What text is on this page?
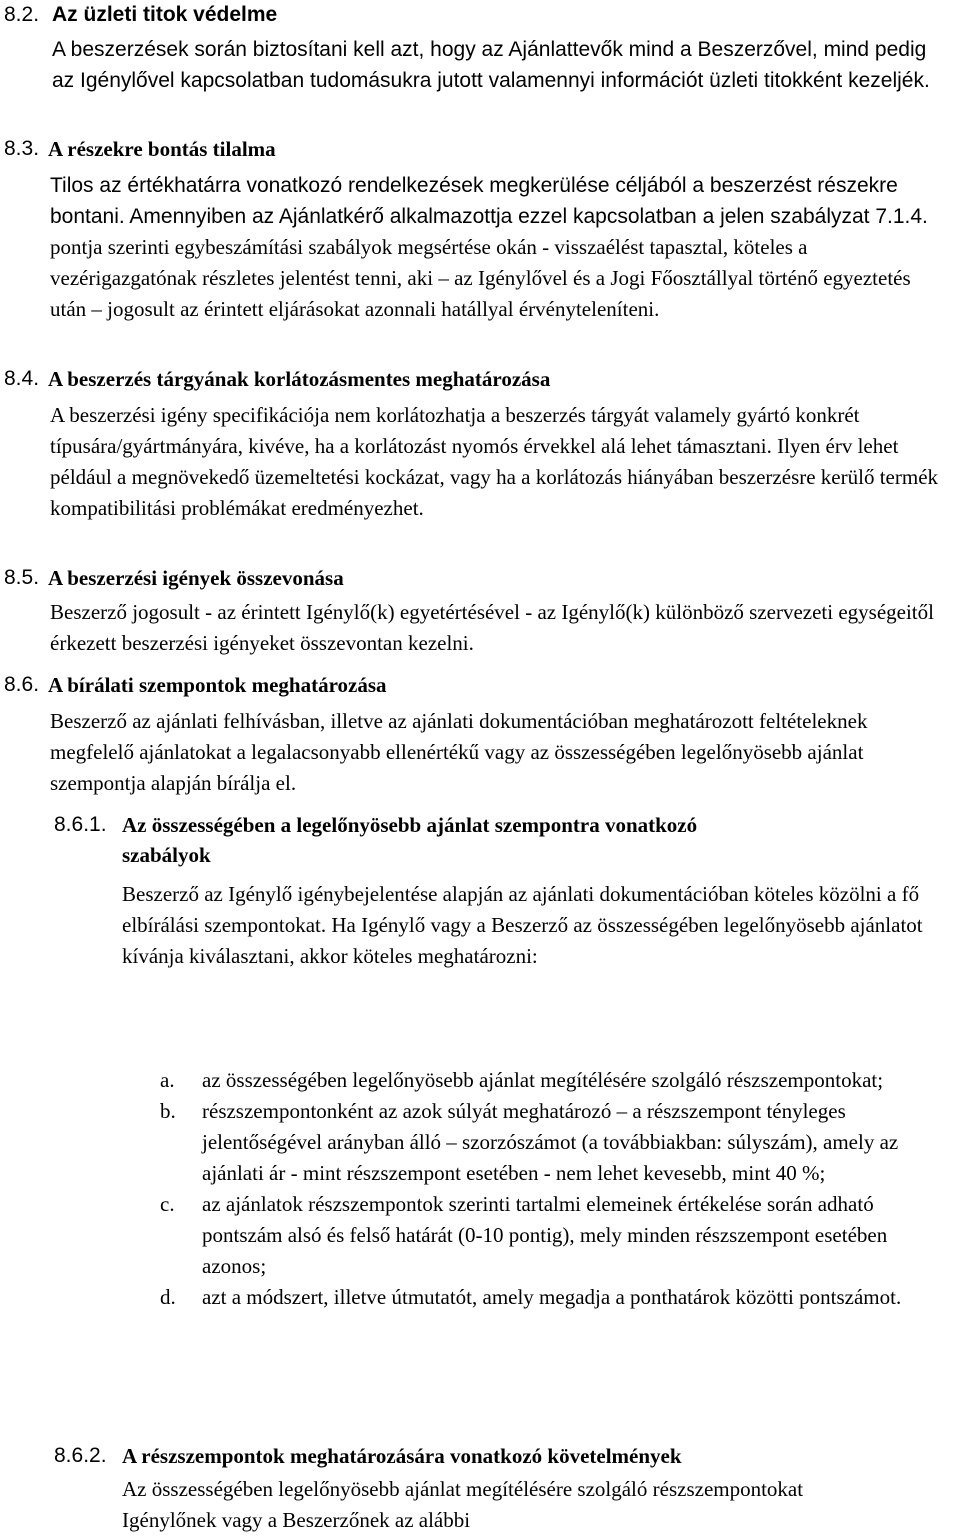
8.2. Az üzleti titok védelme

A beszerzések során biztosítani kell azt, hogy az Ajánlattevők mind a Beszerzővel, mind pedig az Igénylővel kapcsolatban tudomásukra jutott valamennyi információt üzleti titokként kezeljék.

8.3. A részekre bontás tilalma

Tilos az értékhatárra vonatkozó rendelkezések megkerülése céljából a beszerzést részekre bontani. Amennyiben az Ajánlatkérő alkalmazottja ezzel kapcsolatban a jelen szabályzat 7.1.4. pontja szerinti egybeszámítási szabályok megsértése okán - visszaélést tapasztal, köteles a vezérigazgatónak részletes jelentést tenni, aki – az Igénylővel és a Jogi Főosztállyal történő egyeztetés után – jogosult az érintett eljárásokat azonnali hatállyal érvényteleníteni.

8.4. A beszerzés tárgyának korlátozásmentes meghatározása

A beszerzési igény specifikációja nem korlátozhatja a beszerzés tárgyát valamely gyártó konkrét típusára/gyártmányára, kivéve, ha a korlátozást nyomós érvekkel alá lehet támasztani. Ilyen érv lehet például a megnövekedő üzemeltetési kockázat, vagy ha a korlátozás hiányában beszerzésre kerülő termék kompatibilitási problémákat eredményezhet.

8.5. A beszerzési igények összevonása

Beszerző jogosult - az érintett Igénylő(k) egyetértésével - az Igénylő(k) különböző szervezeti egységeitől érkezett beszerzési igényeket összevontan kezelni.

8.6. A bírálati szempontok meghatározása

Beszerző az ajánlati felhívásban, illetve az ajánlati dokumentációban meghatározott feltételeknek megfelelő ajánlatokat a legalacsonyabb ellenértékű vagy az összességében legelőnyösebb ajánlat szempontja alapján bírálja el.

8.6.1. Az összességében a legelőnyösebb ajánlat szempontra vonatkozó
szabályok

Beszerző az Igénylő igénybejelentése alapján az ajánlati dokumentációban köteles közölni a fő elbírálási szempontokat. Ha Igénylő vagy a Beszerző az összességében legelőnyösebb ajánlatot kívánja kiválasztani, akkor köteles meghatározni:

a.	az összességében legelőnyösebb ajánlat megítélésére szolgáló részszempontokat;
b.	részszempontonként az azok súlyát meghatározó – a részszempont tényleges jelentőségével arányban álló – szorzószámot (a továbbiakban: súlyszám), amely az ajánlati ár - mint részszempont esetében - nem lehet kevesebb, mint 40 %;
c.	az ajánlatok részszempontok szerinti tartalmi elemeinek értékelése során adható pontszám alsó és felső határát (0-10 pontig), mely minden részszempont esetében azonos;
d.	azt a módszert, illetve útmutatót, amely megadja a ponthatárok közötti pontszámot.
8.6.2. A részszempontok meghatározására vonatkozó követelmények

Az összességében legelőnyösebb ajánlat megítélésére szolgáló részszempontokat Igénylőnek vagy a Beszerzőnek az alábbi
